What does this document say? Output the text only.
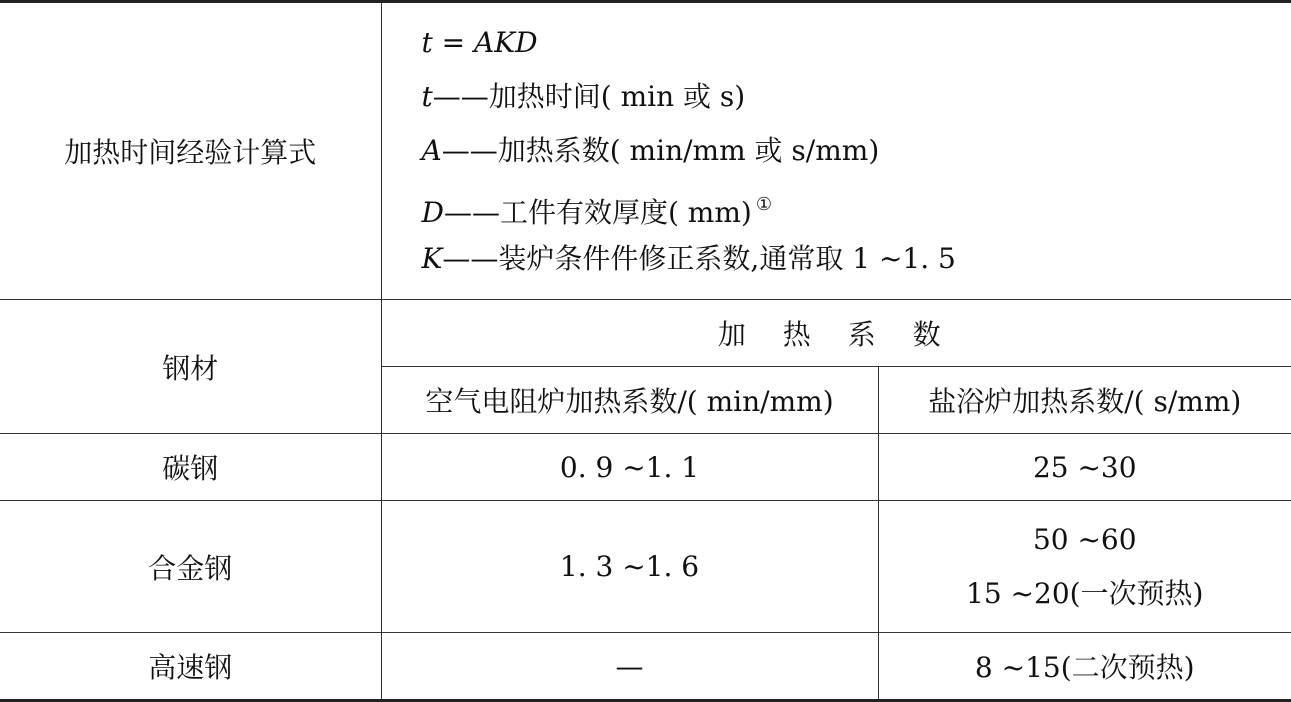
加热时间经验计算式	t = AKD
t——加热时间( min 或 s)
A——加热系数( min/mm 或 s/mm)
D——工件有效厚度( mm) ①
K——装炉条件件修正系数,通常取 1 ~1. 5	

钢材	加 热 系 数	
	空气电阻炉加热系数/( min/mm)	盐浴炉加热系数/( s/mm)
碳钢	0. 9 ~1. 1	25 ~30
合金钢	1. 3 ~1. 6	50 ~60
15 ~20(一次预热)

高速钢	—	8 ~15(二次预热)
